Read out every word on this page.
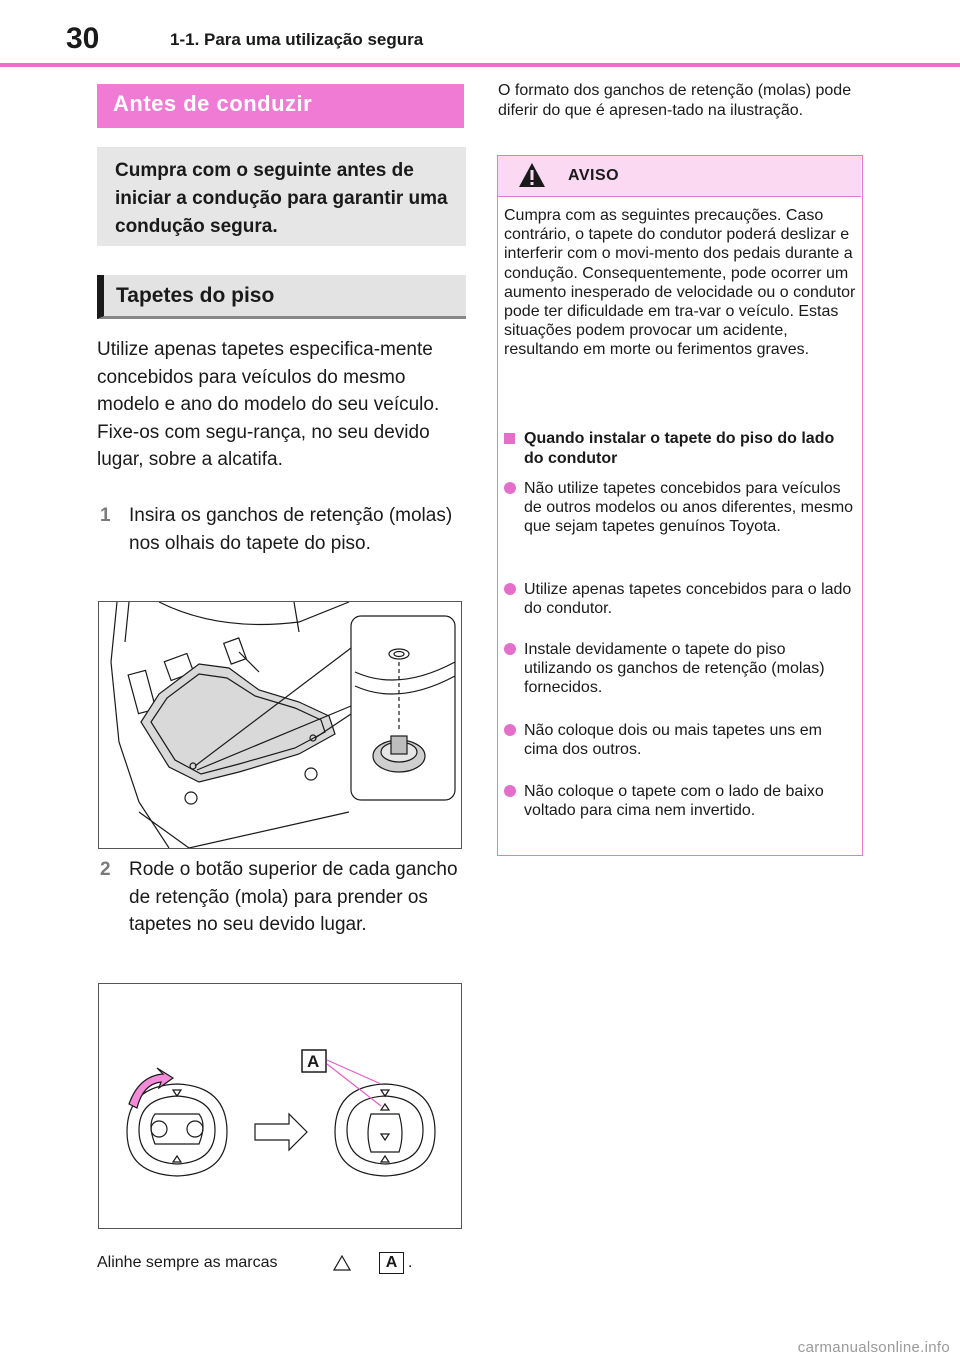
30	1-1. Para uma utilização segura
Antes de conduzir

Cumpra com o seguinte antes de iniciar a condução para garantir uma condução segura.

Tapetes do piso
Utilize apenas tapetes especifica-mente concebidos para veículos do mesmo modelo e ano do modelo do seu veículo. Fixe-os com segu-rança, no seu devido lugar, sobre a alcatifa.
1 Insira os ganchos de retenção (molas) nos olhais do tapete do piso.
2 Rode o botão superior de cada gancho de retenção (mola) para prender os tapetes no seu devido lugar.
A
Alinhe sempre as marcas	A .
O formato dos ganchos de retenção (molas) pode diferir do que é apresen-tado na ilustração.
AVISO
Cumpra com as seguintes precauções. Caso contrário, o tapete do condutor poderá deslizar e interferir com o movi-mento dos pedais durante a condução. Consequentemente, pode ocorrer um aumento inesperado de velocidade ou o condutor pode ter dificuldade em tra-var o veículo. Estas situações podem provocar um acidente, resultando em morte ou ferimentos graves.
Quando instalar o tapete do piso do lado do condutor
Não utilize tapetes concebidos para veículos de outros modelos ou anos diferentes, mesmo que sejam tapetes genuínos Toyota.
Utilize apenas tapetes concebidos para o lado do condutor.
Instale devidamente o tapete do piso utilizando os ganchos de retenção (molas) fornecidos.
Não coloque dois ou mais tapetes uns em cima dos outros.
Não coloque o tapete com o lado de baixo voltado para cima nem invertido.
carmanualsonline.info
